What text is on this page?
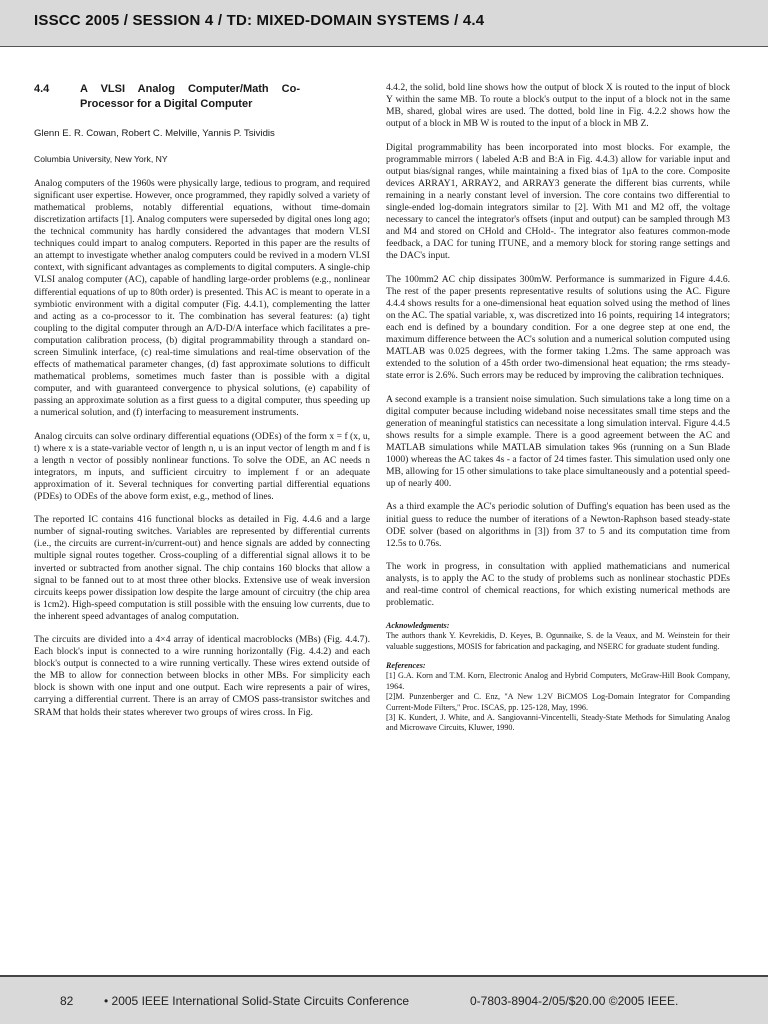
ISSCC 2005 / SESSION 4 / TD: MIXED-DOMAIN SYSTEMS / 4.4
4.4	A VLSI Analog Computer/Math Co-Processor for a Digital Computer
Glenn E. R. Cowan, Robert C. Melville, Yannis P. Tsividis
Columbia University, New York, NY

Analog computers of the 1960s were physically large, tedious to program, and required significant user expertise. However, once programmed, they rapidly solved a variety of mathematical problems, notably differential equations, without time-domain discretization artifacts [1]. Analog computers were superseded by digital ones long ago; the technical community has hardly considered the advantages that modern VLSI techniques could impart to analog computers. Reported in this paper are the results of an attempt to investigate whether analog computers could be revived in a modern VLSI context, with significant advantages as complements to digital computers. A single-chip VLSI analog computer (AC), capable of handling large-order problems (e.g., nonlinear differential equations of up to 80th order) is presented. This AC is meant to operate in a symbiotic environment with a digital computer (Fig. 4.4.1), complementing the latter and acting as a co-processor to it. The combination has several features: (a) tight coupling to the digital computer through an A/D-D/A interface which facilitates a pre-computation calibration process, (b) digital programmability through a standard on-screen Simulink interface, (c) real-time simulations and real-time observation of the effects of mathematical parameter changes, (d) fast approximate solutions to difficult mathematical problems, sometimes much faster than is possible with a digital computer, and with guaranteed convergence to physical solutions, (e) capability of passing an approximate solution as a first guess to a digital computer, thus speeding up a numerical solution, and (f) interfacing to measurement instruments.

Analog circuits can solve ordinary differential equations (ODEs) of the form x = f (x, u, t) where x is a state-variable vector of length n, u is an input vector of length m and f is a length n vector of possibly nonlinear functions. To solve the ODE, an AC needs n integrators, m inputs, and sufficient circuitry to implement f or an adequate approximation of it. Several techniques for converting partial differential equations (PDEs) to ODEs of the above form exist, e.g., method of lines.

The reported IC contains 416 functional blocks as detailed in Fig. 4.4.6 and a large number of signal-routing switches. Variables are represented by differential currents (i.e., the circuits are current-in/current-out) and hence signals are added by connecting multiple signal routes together. Cross-coupling of a differential signal allows it to be inverted or subtracted from another signal. The chip contains 160 blocks that allow a signal to be fanned out to at most three other blocks. Extensive use of weak inversion circuits keeps power dissipation low despite the large amount of circuitry (the chip area is 1cm2). High-speed computation is still possible with the ensuing low currents, due to the inherent speed advantages of analog computation.

The circuits are divided into a 4×4 array of identical macroblocks (MBs) (Fig. 4.4.7). Each block's input is connected to a wire running horizontally (Fig. 4.4.2) and each block's output is connected to a wire running vertically. These wires extend outside of the MB to allow for connection between blocks in other MBs. For simplicity each block is shown with one input and one output. Each wire represents a pair of wires, carrying a differential current. There is an array of CMOS pass-transistor switches and SRAM that holds their states wherever two groups of wires cross. In Fig.

4.4.2, the solid, bold line shows how the output of block X is routed to the input of block Y within the same MB. To route a block's output to the input of a block not in the same MB, shared, global wires are used. The dotted, bold line in Fig. 4.2.2 shows how the output of a block in MB W is routed to the input of a block in MB Z.

Digital programmability has been incorporated into most blocks. For example, the programmable mirrors ( labeled A:B and B:A in Fig. 4.4.3) allow for variable input and output bias/signal ranges, while maintaining a fixed bias of 1μA to the core. Composite devices ARRAY1, ARRAY2, and ARRAY3 generate the different bias currents, while remaining in a nearly constant level of inversion. The core contains two differential to single-ended log-domain integrators similar to [2]. With M1 and M2 off, the voltage necessary to cancel the integrator's offsets (input and output) can be sampled through M3 and M4 and stored on CHold and CHold-. The integrator also features common-mode feedback, a DAC for tuning ITUNE, and a memory block for storing range settings and the DAC's input.

The 100mm2 AC chip dissipates 300mW. Performance is summarized in Figure 4.4.6. The rest of the paper presents representative results of solutions using the AC. Figure 4.4.4 shows results for a one-dimensional heat equation solved using the method of lines on the AC. The spatial variable, x, was discretized into 16 points, requiring 14 integrators; each end is defined by a boundary condition. For a one degree step at one end, the maximum difference between the AC's solution and a numerical solution computed using MATLAB was 0.025 degrees, with the former taking 1.2ms. The same approach was extended to the solution of a 45th order two-dimensional heat equation; the rms steady-state error is 2.6%. Such errors may be reduced by improving the calibration techniques.

A second example is a transient noise simulation. Such simulations take a long time on a digital computer because including wideband noise necessitates small time steps and the generation of meaningful statistics can necessitate a long simulation interval. Figure 4.4.5 shows results for a simple example. There is a good agreement between the AC and MATLAB simulations while MATLAB simulation takes 96s (running on a Sun Blade 1000) whereas the AC takes 4s - a factor of 24 times faster. This simulation used only one MB, allowing for 15 other simulations to take place simultaneously and a potential speed-up of nearly 400.

As a third example the AC's periodic solution of Duffing's equation has been used as the initial guess to reduce the number of iterations of a Newton-Raphson based steady-state ODE solver (based on algorithms in [3]) from 37 to 5 and its computation time from 12.5s to 0.76s.

The work in progress, in consultation with applied mathematicians and numerical analysts, is to apply the AC to the study of problems such as nonlinear stochastic PDEs and real-time control of chemical reactions, for which existing numerical methods are problematic.

Acknowledgments:
The authors thank Y. Kevrekidis, D. Keyes, B. Ogunnaike, S. de la Veaux, and M. Weinstein for their valuable suggestions, MOSIS for fabrication and packaging, and NSERC for graduate student funding.
References:
[1] G.A. Korn and T.M. Korn, Electronic Analog and Hybrid Computers, McGraw-Hill Book Company, 1964.
[2]M. Punzenberger and C. Enz, "A New 1.2V BiCMOS Log-Domain Integrator for Companding Current-Mode Filters," Proc. ISCAS, pp. 125-128, May, 1996.
[3] K. Kundert, J. White, and A. Sangiovanni-Vincentelli, Steady-State Methods for Simulating Analog and Microwave Circuits, Kluwer, 1990.
82	• 2005 IEEE International Solid-State Circuits Conference	0-7803-8904-2/05/$20.00 ©2005 IEEE.
